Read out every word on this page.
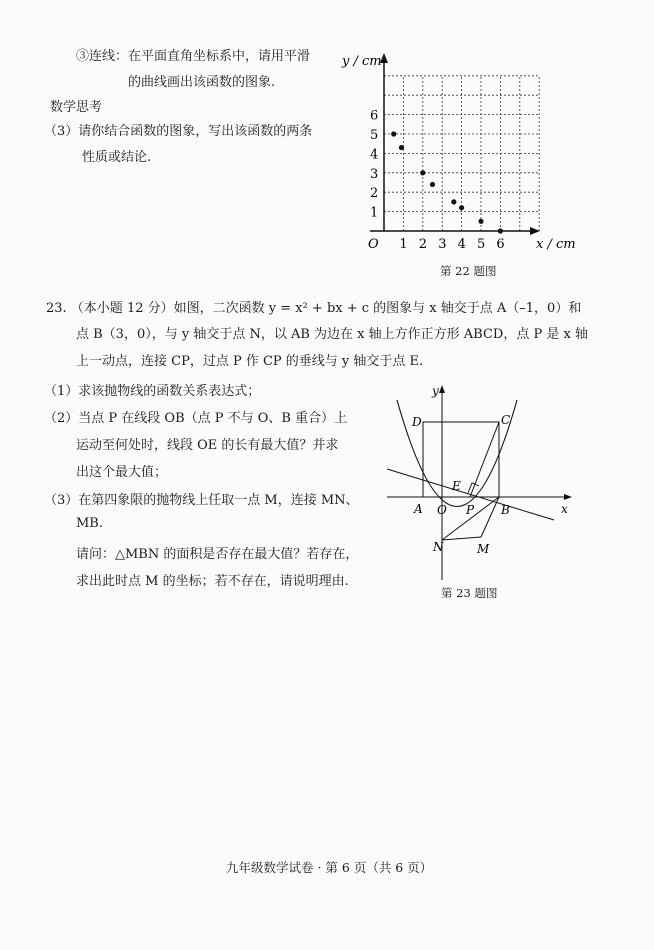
③连线：在平面直角坐标系中，请用平滑
的曲线画出该函数的图象.
数学思考
（3）请你结合函数的图象，写出该函数的两条
性质或结论.
y / cm
x / cm
O 1 2 3 4 5 6
1
2
3
4
5
6
第 22 题图
23. （本小题 12 分）如图，二次函数 y = x² + bx + c 的图象与 x 轴交于点 A（–1，0）和
点 B（3，0），与 y 轴交于点 N，以 AB 为边在 x 轴上方作正方形 ABCD，点 P 是 x 轴
上一动点，连接 CP，过点 P 作 CP 的垂线与 y 轴交于点 E.
（1）求该抛物线的函数关系表达式；
（2）当点 P 在线段 OB（点 P 不与 O、B 重合）上
运动至何处时，线段 OE 的长有最大值？并求
出这个最大值；
（3）在第四象限的抛物线上任取一点 M，连接 MN、
MB.
请问：△MBN 的面积是否存在最大值？若存在，
求出此时点 M 的坐标；若不存在，请说明理由.
y
x
D	C
E
A O P B
N	M
第 23 题图
九年级数学试卷 · 第 6 页（共 6 页）
